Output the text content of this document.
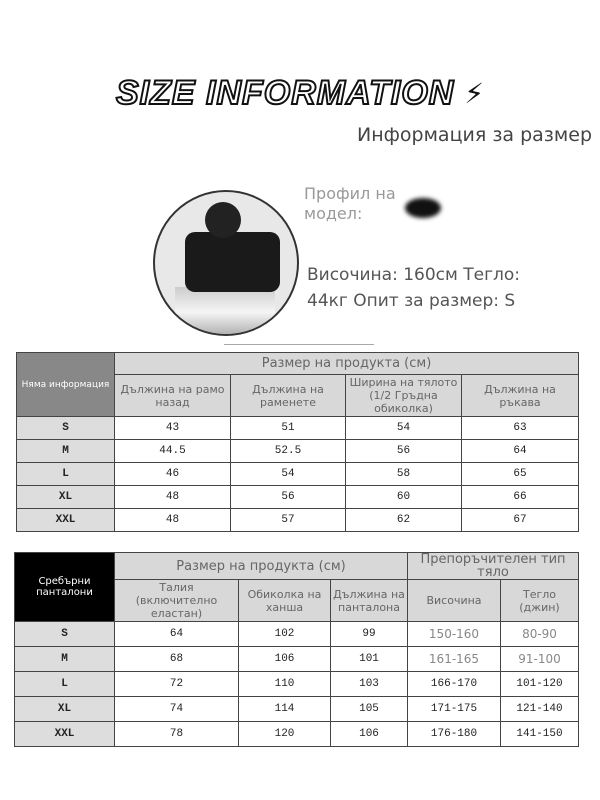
SIZE INFORMATION ⚡
Информация за размер
Профил на модел:
Височина: 160см Тегло: 44кг Опит за размер: S
Няма информация	Размер на продукта (см)			
	Дължина на рамо назад	Дължина на раменете	Ширина на тялото (1/2 Гръдна обиколка)	Дължина на ръкава
S	43	51	54	63
M	44.5	52.5	56	64
L	46	54	58	65
XL	48	56	60	66
XXL	48	57	62	67
Сребърни панталони	Размер на продукта (см)			Препоръчителен тип тяло	
	Талия (включително еластан)	Обиколка на ханша	Дължина на панталона	Височина	Тегло (джин)
S	64	102	99	150-160	80-90
M	68	106	101	161-165	91-100
L	72	110	103	166-170	101-120
XL	74	114	105	171-175	121-140
XXL	78	120	106	176-180	141-150
